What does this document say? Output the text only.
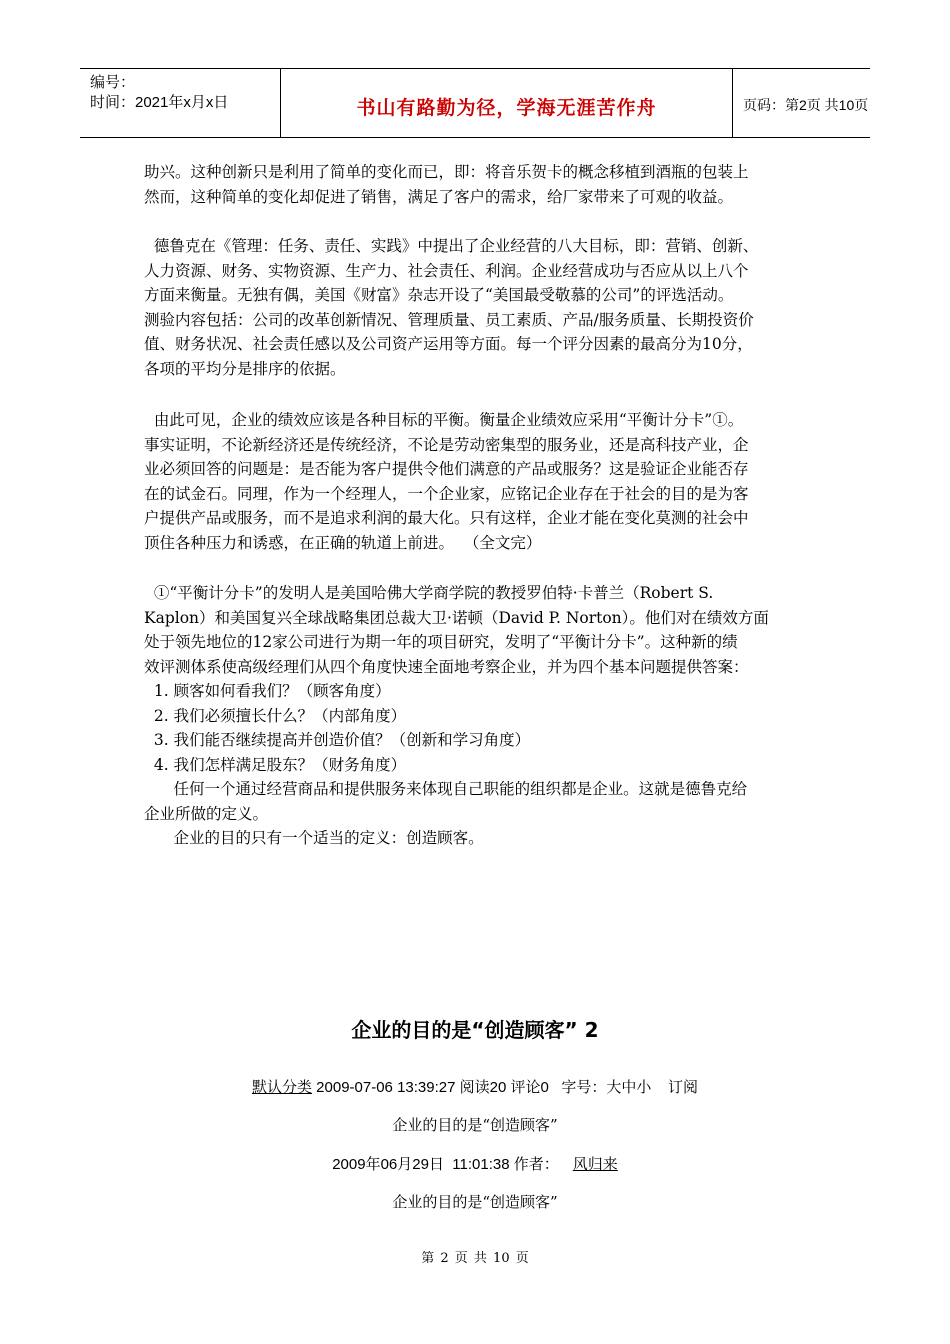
编号：
时间：2021年x月x日	书山有路勤为径，学海无涯苦作舟	页码：第2页 共10页

助兴。这种创新只是利用了简单的变化而已，即：将音乐贺卡的概念移植到酒瓶的包装上

然而，这种简单的变化却促进了销售，满足了客户的需求，给厂家带来了可观的收益。

德鲁克在《管理：任务、责任、实践》中提出了企业经营的八大目标，即：营销、创新、

人力资源、财务、实物资源、生产力、社会责任、利润。企业经营成功与否应从以上八个

方面来衡量。无独有偶，美国《财富》杂志开设了“美国最受敬慕的公司”的评选活动。

测验内容包括：公司的改革创新情况、管理质量、员工素质、产品/服务质量、长期投资价

值、财务状况、社会责任感以及公司资产运用等方面。每一个评分因素的最高分为10分，

各项的平均分是排序的依据。

由此可见，企业的绩效应该是各种目标的平衡。衡量企业绩效应采用“平衡计分卡”①。

事实证明，不论新经济还是传统经济，不论是劳动密集型的服务业，还是高科技产业，企

业必须回答的问题是：是否能为客户提供令他们满意的产品或服务？这是验证企业能否存

在的试金石。同理，作为一个经理人，一个企业家，应铭记企业存在于社会的目的是为客

户提供产品或服务，而不是追求利润的最大化。只有这样，企业才能在变化莫测的社会中

顶住各种压力和诱惑，在正确的轨道上前进。  （全文完）

①“平衡计分卡”的发明人是美国哈佛大学商学院的教授罗伯特·卡普兰（Robert S.

Kaplon）和美国复兴全球战略集团总裁大卫·诺顿（David P. Norton）。他们对在绩效方面

处于领先地位的12家公司进行为期一年的项目研究，发明了“平衡计分卡”。这种新的绩

效评测体系使高级经理们从四个角度快速全面地考察企业，并为四个基本问题提供答案：

1. 顾客如何看我们？（顾客角度）

2. 我们必须擅长什么？（内部角度）

3. 我们能否继续提高并创造价值？（创新和学习角度）

4. 我们怎样满足股东？（财务角度）

任何一个通过经营商品和提供服务来体现自己职能的组织都是企业。这就是德鲁克给

企业所做的定义。

企业的目的只有一个适当的定义：创造顾客。

企业的目的是“创造顾客” 2
默认分类 2009-07-06 13:39:27 阅读20 评论0   字号：大中小    订阅
企业的目的是“创造顾客”
2009年06月29日  11:01:38 作者： 风归来
企业的目的是“创造顾客”
第 2 页 共 10 页
